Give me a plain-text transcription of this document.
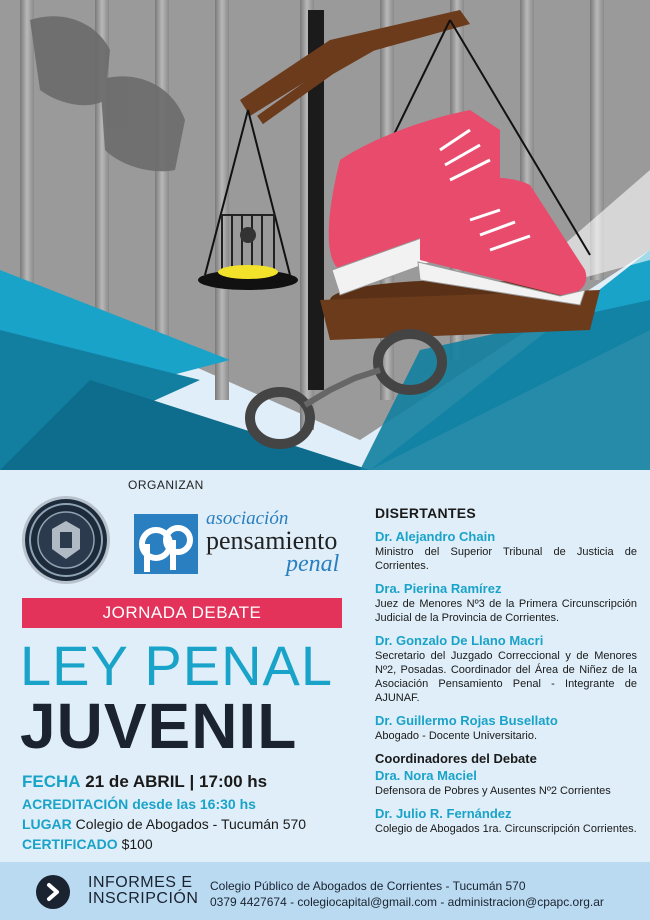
ORGANIZAN
asociación
pensamiento
penal
JORNADA DEBATE
LEY PENAL
JUVENIL
FECHA 21 de ABRIL | 17:00 hs
ACREDITACIÓN desde las 16:30 hs
LUGAR Colegio de Abogados - Tucumán 570
CERTIFICADO $100
DISERTANTES
Dr. Alejandro Chain
Ministro del Superior Tribunal de Justicia de Corrientes.
Dra. Pierina Ramírez
Juez de Menores Nº3 de la Primera Circunscripción Judicial de la Provincia de Corrientes.
Dr. Gonzalo De Llano Macri
Secretario del Juzgado Correccional y de Menores Nº2, Posadas. Coordinador del Área de Niñez de la Asociación Pensamiento Penal - Integrante de AJUNAF.
Dr. Guillermo Rojas Busellato
Abogado - Docente Universitario.
Coordinadores del Debate
Dra. Nora Maciel
Defensora de Pobres y Ausentes Nº2 Corrientes
Dr. Julio R. Fernández
Colegio de Abogados 1ra. Circunscripción Corrientes.
INFORMES E
INSCRIPCIÓN
Colegio Público de Abogados de Corrientes - Tucumán 570
0379 4427674 - colegiocapital@gmail.com - administracion@cpapc.org.ar
